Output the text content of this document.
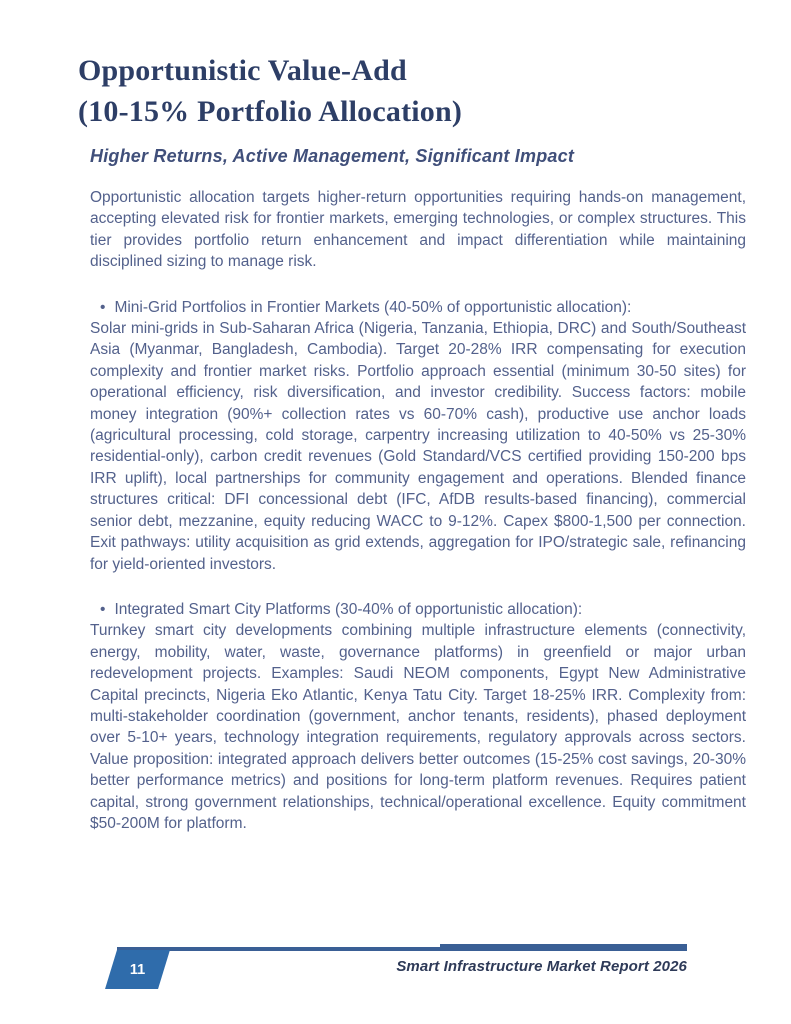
Opportunistic Value-Add
(10-15% Portfolio Allocation)

Higher Returns, Active Management, Significant Impact

Opportunistic allocation targets higher-return opportunities requiring hands-on management, accepting elevated risk for frontier markets, emerging technologies, or complex structures. This tier provides portfolio return enhancement and impact differentiation while maintaining disciplined sizing to manage risk.

• Mini-Grid Portfolios in Frontier Markets (40-50% of opportunistic allocation):

Solar mini-grids in Sub-Saharan Africa (Nigeria, Tanzania, Ethiopia, DRC) and South/Southeast Asia (Myanmar, Bangladesh, Cambodia). Target 20-28% IRR compensating for execution complexity and frontier market risks. Portfolio approach essential (minimum 30-50 sites) for operational efficiency, risk diversification, and investor credibility. Success factors: mobile money integration (90%+ collection rates vs 60-70% cash), productive use anchor loads (agricultural processing, cold storage, carpentry increasing utilization to 40-50% vs 25-30% residential-only), carbon credit revenues (Gold Standard/VCS certified providing 150-200 bps IRR uplift), local partnerships for community engagement and operations. Blended finance structures critical: DFI concessional debt (IFC, AfDB results-based financing), commercial senior debt, mezzanine, equity reducing WACC to 9-12%. Capex $800-1,500 per connection. Exit pathways: utility acquisition as grid extends, aggregation for IPO/strategic sale, refinancing for yield-oriented investors.

• Integrated Smart City Platforms (30-40% of opportunistic allocation):

Turnkey smart city developments combining multiple infrastructure elements (connectivity, energy, mobility, water, waste, governance platforms) in greenfield or major urban redevelopment projects. Examples: Saudi NEOM components, Egypt New Administrative Capital precincts, Nigeria Eko Atlantic, Kenya Tatu City. Target 18-25% IRR. Complexity from: multi-stakeholder coordination (government, anchor tenants, residents), phased deployment over 5-10+ years, technology integration requirements, regulatory approvals across sectors. Value proposition: integrated approach delivers better outcomes (15-25% cost savings, 20-30% better performance metrics) and positions for long-term platform revenues. Requires patient capital, strong government relationships, technical/operational excellence. Equity commitment $50-200M for platform.

11	Smart Infrastructure Market Report 2026
